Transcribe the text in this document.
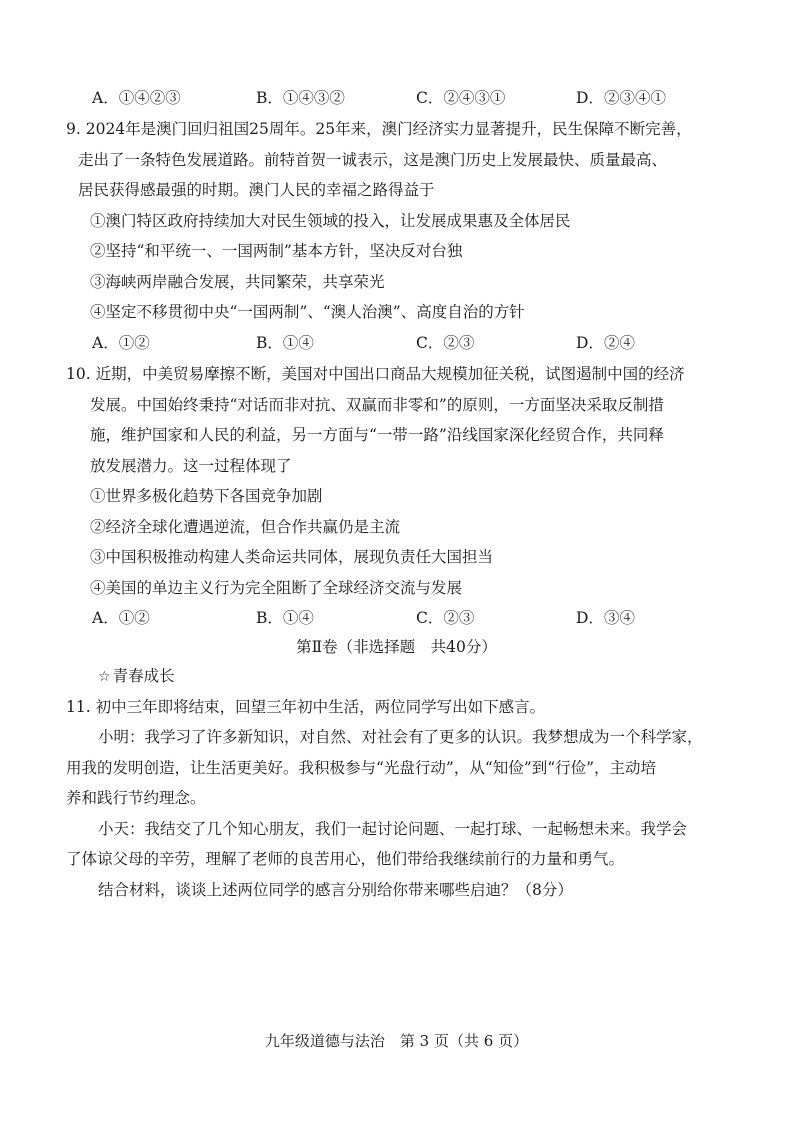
A．①④②③	B．①④③②	C．②④③①	D．②③④①
9. 2024年是澳门回归祖国25周年。25年来，澳门经济实力显著提升，民生保障不断完善，
走出了一条特色发展道路。前特首贺一诚表示，这是澳门历史上发展最快、质量最高、
居民获得感最强的时期。澳门人民的幸福之路得益于
①澳门特区政府持续加大对民生领域的投入，让发展成果惠及全体居民
②坚持“和平统一、一国两制”基本方针，坚决反对台独
③海峡两岸融合发展，共同繁荣，共享荣光
④坚定不移贯彻中央“一国两制”、“澳人治澳”、高度自治的方针
A．①②	B．①④	C．②③	D．②④
10. 近期，中美贸易摩擦不断，美国对中国出口商品大规模加征关税，试图遏制中国的经济
发展。中国始终秉持“对话而非对抗、双赢而非零和”的原则，一方面坚决采取反制措
施，维护国家和人民的利益，另一方面与“一带一路”沿线国家深化经贸合作，共同释
放发展潜力。这一过程体现了
①世界多极化趋势下各国竞争加剧
②经济全球化遭遇逆流，但合作共赢仍是主流
③中国积极推动构建人类命运共同体，展现负责任大国担当
④美国的单边主义行为完全阻断了全球经济交流与发展
A．①②	B．①④	C．②③	D．③④
第Ⅱ卷（非选择题　共40分）
☆ 青春成长
11. 初中三年即将结束，回望三年初中生活，两位同学写出如下感言。
小明：我学习了许多新知识，对自然、对社会有了更多的认识。我梦想成为一个科学家，
用我的发明创造，让生活更美好。我积极参与“光盘行动”，从“知俭”到“行俭”，主动培
养和践行节约理念。
小天：我结交了几个知心朋友，我们一起讨论问题、一起打球、一起畅想未来。我学会
了体谅父母的辛劳，理解了老师的良苦用心，他们带给我继续前行的力量和勇气。
结合材料，谈谈上述两位同学的感言分别给你带来哪些启迪？（8分）
九年级道德与法治　第 3 页（共 6 页）
